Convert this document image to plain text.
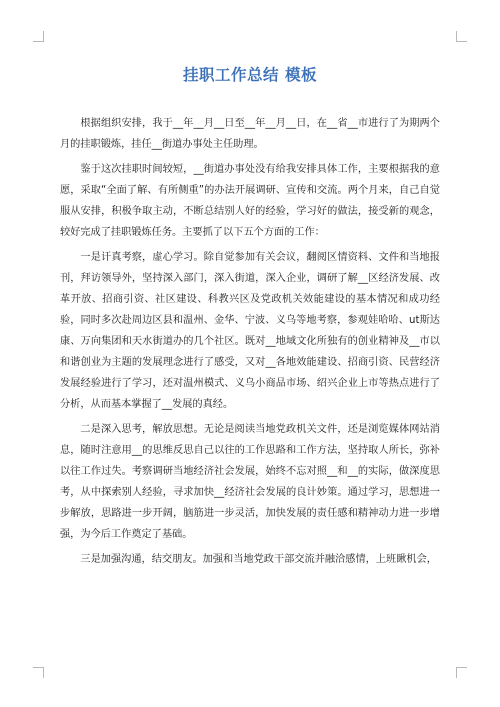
挂职工作总结 模板

根据组织安排，我于__年__月__日至__年__月__日，在__省__市进行了为期两个月的挂职锻炼，挂任__街道办事处主任助理。

鉴于这次挂职时间较短，__街道办事处没有给我安排具体工作，主要根据我的意愿，采取“全面了解、有所侧重”的办法开展调研、宣传和交流。两个月来，自己自觉服从安排，积极争取主动，不断总结别人好的经验，学习好的做法，接受新的观念，较好完成了挂职锻炼任务。主要抓了以下五个方面的工作：

一是讦真考察，虚心学习。除自觉参加有关会议，翻阅区情资料、文件和当地报刊，拜访领导外，坚持深入部门，深入街道，深入企业，调研了解__区经济发展、改革开放、招商引资、社区建设、科教兴区及党政机关效能建设的基本情况和成功经验，同时多次赴周边区县和温州、金华、宁波、义乌等地考察，参观娃哈哈、ut斯达康、万向集团和天水街道办的几个社区。既对__地域文化所独有的创业精神及__市以和谐创业为主题的发展理念进行了感受，又对__各地效能建设、招商引资、民营经济发展经验进行了学习，还对温州模式、义乌小商品市场、绍兴企业上市等热点进行了分析，从而基本掌握了__发展的真经。

二是深入思考，解放思想。无论是阅读当地党政机关文件，还是浏览媒体网站消息，随时注意用__的思维反思自己以往的工作思路和工作方法，坚持取人所长，弥补以往工作过失。考察调研当地经济社会发展，始终不忘对照__和__的实际，做深度思考，从中探索别人经验，寻求加快__经济社会发展的良计妙策。通过学习，思想进一步解放，思路进一步开阔，脑筋进一步灵活，加快发展的责任感和精神动力进一步增强，为今后工作奠定了基础。

三是加强沟通，结交朋友。加强和当地党政干部交流并融洽感情，上班瞅机会，
